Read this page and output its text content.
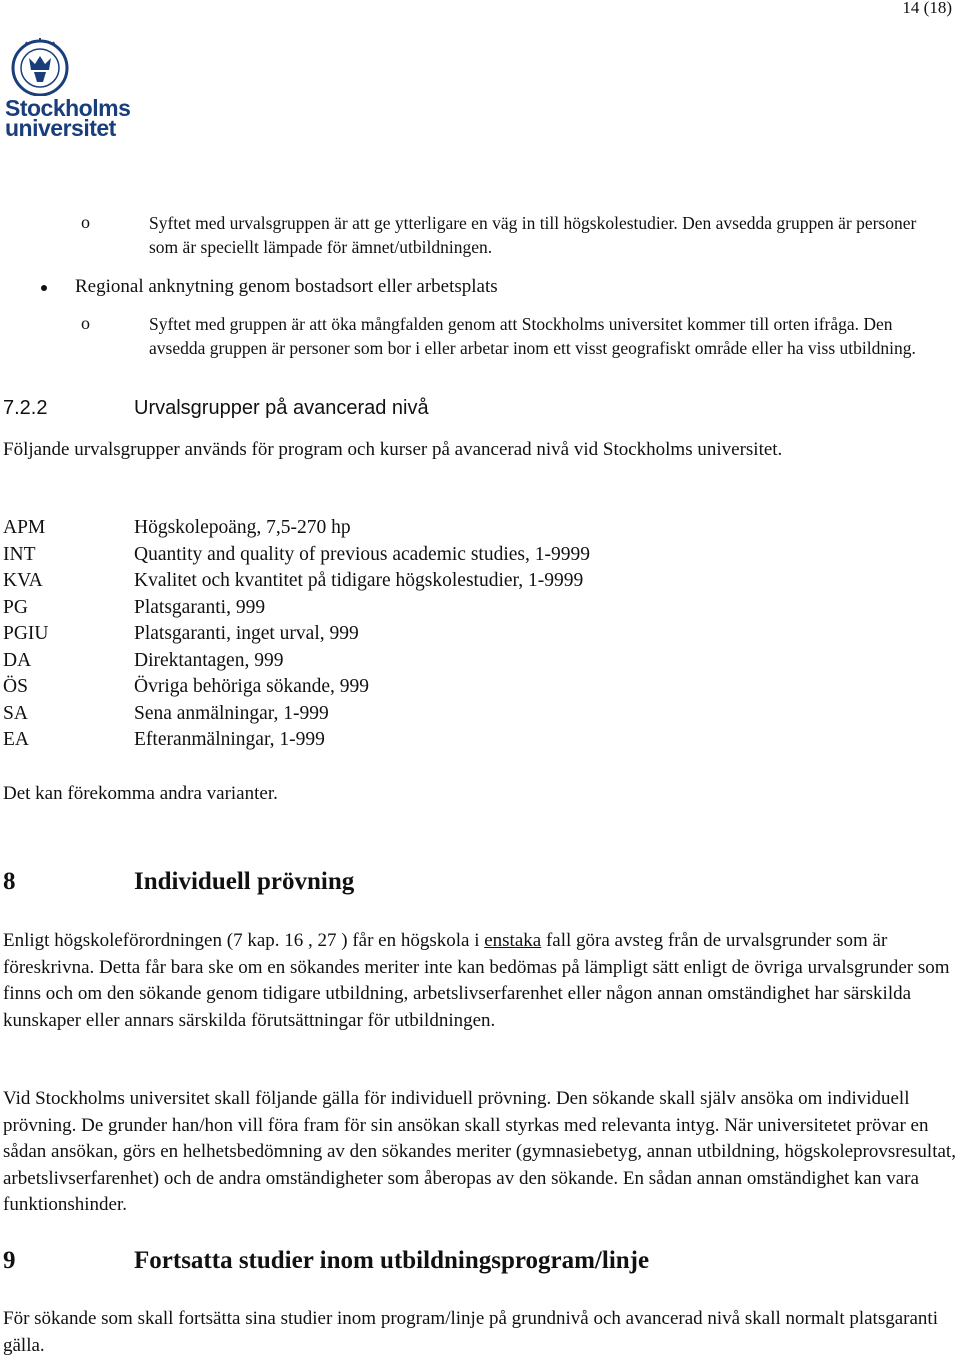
14 (18)
Stockholms
universitet
o	Syftet med urvalsgruppen är att ge ytterligare en väg in till högskolestudier. Den avsedda gruppen är personer som är speciellt lämpade för ämnet/utbildningen.
Regional anknytning genom bostadsort eller arbetsplats
o	Syftet med gruppen är att öka mångfalden genom att Stockholms universitet kommer till orten ifråga. Den avsedda gruppen är personer som bor i eller arbetar inom ett visst geografiskt område eller ha viss utbildning.
7.2.2	Urvalsgrupper på avancerad nivå
Följande urvalsgrupper används för program och kurser på avancerad nivå vid Stockholms universitet.
APM	Högskolepoäng, 7,5-270 hp
INT	Quantity and quality of previous academic studies, 1-9999
KVA	Kvalitet och kvantitet på tidigare högskolestudier, 1-9999
PG	Platsgaranti, 999
PGIU	Platsgaranti, inget urval, 999
DA	Direktantagen, 999
ÖS	Övriga behöriga sökande, 999
SA	Sena anmälningar, 1-999
EA	Efteranmälningar, 1-999
Det kan förekomma andra varianter.
8	Individuell prövning
Enligt högskoleförordningen (7 kap. 16 , 27 ) får en högskola i enstaka fall göra avsteg från de urvalsgrunder som är föreskrivna. Detta får bara ske om en sökandes meriter inte kan bedömas på lämpligt sätt enligt de övriga urvalsgrunder som finns och om den sökande genom tidigare utbildning, arbetslivserfarenhet eller någon annan omständighet har särskilda kunskaper eller annars särskilda förutsättningar för utbildningen.
Vid Stockholms universitet skall följande gälla för individuell prövning. Den sökande skall själv ansöka om individuell prövning. De grunder han/hon vill föra fram för sin ansökan skall styrkas med relevanta intyg. När universitetet prövar en sådan ansökan, görs en helhetsbedömning av den sökandes meriter (gymnasiebetyg, annan utbildning, högskoleprovsresultat, arbetslivserfarenhet) och de andra omständigheter som åberopas av den sökande. En sådan annan omständighet kan vara funktionshinder.
9	Fortsatta studier inom utbildningsprogram/linje
För sökande som skall fortsätta sina studier inom program/linje på grundnivå och avancerad nivå skall normalt platsgaranti gälla.
